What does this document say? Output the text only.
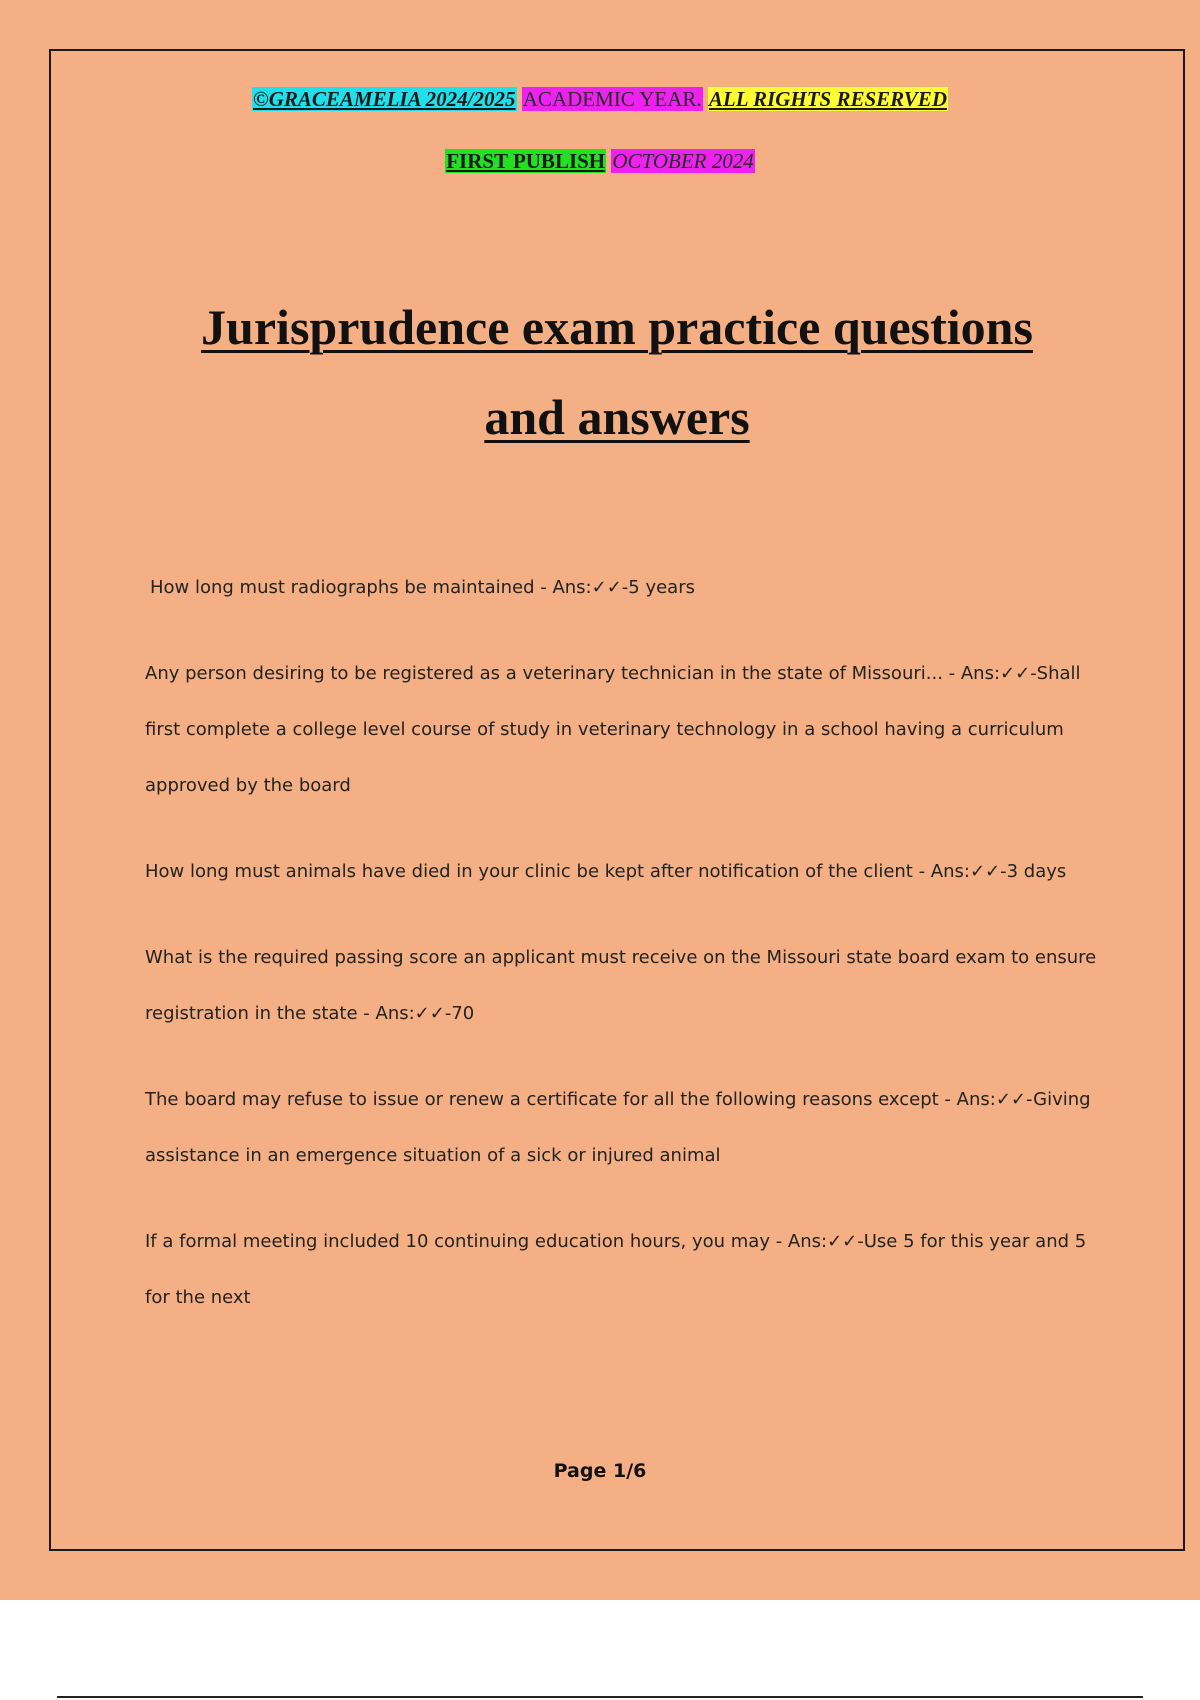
©GRACEAMELIA 2024/2025 ACADEMIC YEAR. ALL RIGHTS RESERVED
FIRST PUBLISH OCTOBER 2024
Jurisprudence exam practice questions
and answers
How long must radiographs be maintained - Ans:✓✓-5 years
Any person desiring to be registered as a veterinary technician in the state of Missouri... - Ans:✓✓-Shall first complete a college level course of study in veterinary technology in a school having a curriculum approved by the board
How long must animals have died in your clinic be kept after notification of the client - Ans:✓✓-3 days
What is the required passing score an applicant must receive on the Missouri state board exam to ensure registration in the state - Ans:✓✓-70
The board may refuse to issue or renew a certificate for all the following reasons except - Ans:✓✓-Giving assistance in an emergence situation of a sick or injured animal
If a formal meeting included 10 continuing education hours, you may - Ans:✓✓-Use 5 for this year and 5 for the next
Page 1/6
